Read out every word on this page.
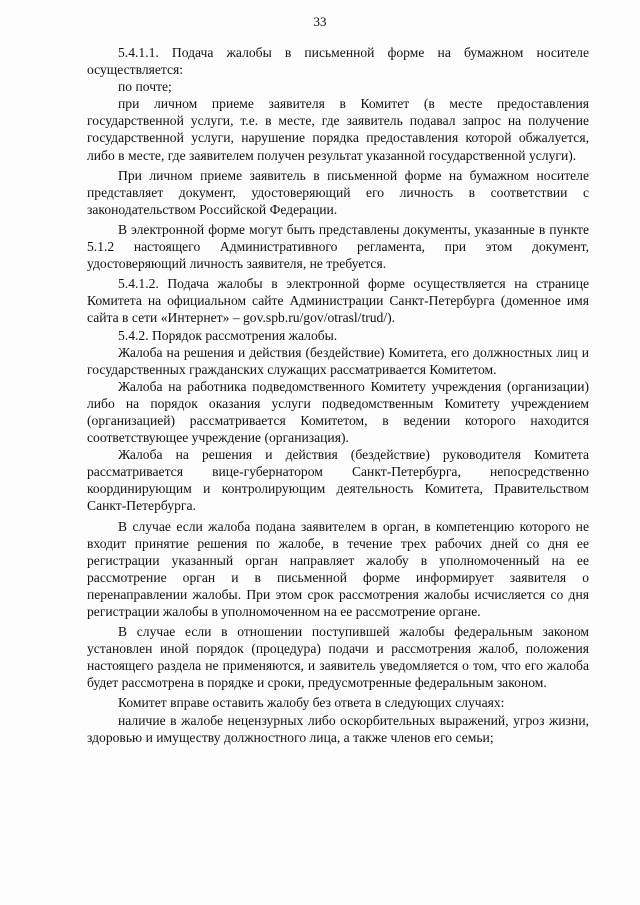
33

5.4.1.1. Подача жалобы в письменной форме на бумажном носителе осуществляется:

по почте;

при личном приеме заявителя в Комитет (в месте предоставления государственной услуги, т.е. в месте, где заявитель подавал запрос на получение государственной услуги, нарушение порядка предоставления которой обжалуется, либо в месте, где заявителем получен результат указанной государственной услуги).

При личном приеме заявитель в письменной форме на бумажном носителе представляет документ, удостоверяющий его личность в соответствии с законодательством Российской Федерации.

В электронной форме могут быть представлены документы, указанные в пункте 5.1.2 настоящего Административного регламента, при этом документ, удостоверяющий личность заявителя, не требуется.

5.4.1.2. Подача жалобы в электронной форме осуществляется на странице Комитета на официальном сайте Администрации Санкт-Петербурга (доменное имя сайта в сети «Интернет» – gov.spb.ru/gov/otrasl/trud/).

5.4.2. Порядок рассмотрения жалобы.

Жалоба на решения и действия (бездействие) Комитета, его должностных лиц и государственных гражданских служащих рассматривается Комитетом.

Жалоба на работника подведомственного Комитету учреждения (организации) либо на порядок оказания услуги подведомственным Комитету учреждением (организацией) рассматривается Комитетом, в ведении которого находится соответствующее учреждение (организация).

Жалоба на решения и действия (бездействие) руководителя Комитета рассматривается вице-губернатором Санкт-Петербурга, непосредственно координирующим и контролирующим деятельность Комитета, Правительством Санкт-Петербурга.

В случае если жалоба подана заявителем в орган, в компетенцию которого не входит принятие решения по жалобе, в течение трех рабочих дней со дня ее регистрации указанный орган направляет жалобу в уполномоченный на ее рассмотрение орган и в письменной форме информирует заявителя о перенаправлении жалобы. При этом срок рассмотрения жалобы исчисляется со дня регистрации жалобы в уполномоченном на ее рассмотрение органе.

В случае если в отношении поступившей жалобы федеральным законом установлен иной порядок (процедура) подачи и рассмотрения жалоб, положения настоящего раздела не применяются, и заявитель уведомляется о том, что его жалоба будет рассмотрена в порядке и сроки, предусмотренные федеральным законом.

Комитет вправе оставить жалобу без ответа в следующих случаях:

наличие в жалобе нецензурных либо оскорбительных выражений, угроз жизни, здоровью и имуществу должностного лица, а также членов его семьи;
